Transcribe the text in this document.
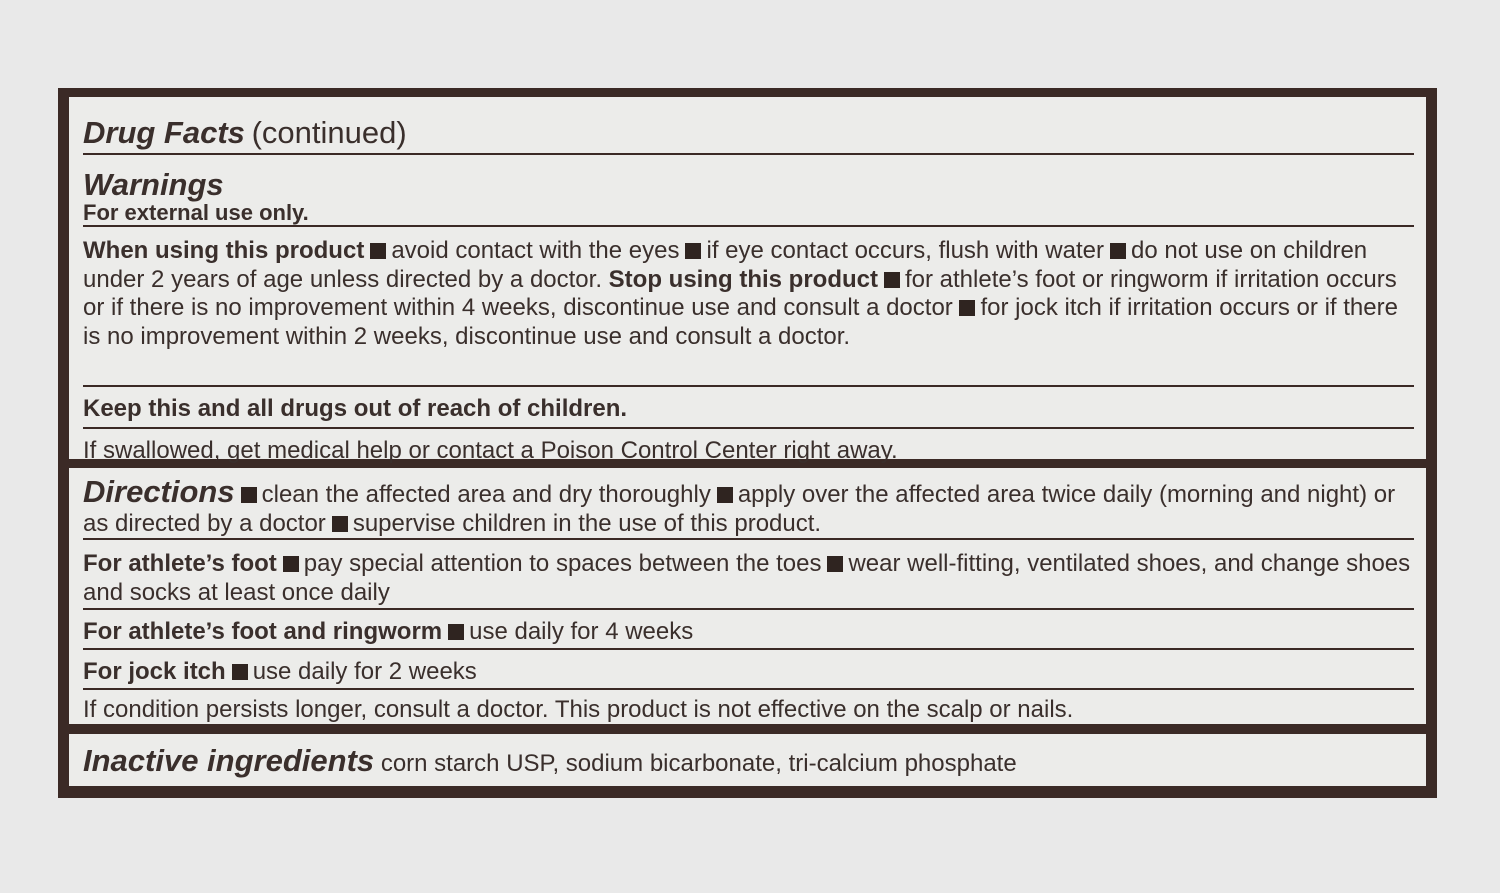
Drug Facts (continued)
Warnings
For external use only.
When using this product avoid contact with the eyes if eye contact occurs, flush with water do not use on children under 2 years of age unless directed by a doctor. Stop using this product for athlete’s foot or ringworm if irritation occurs or if there is no improvement within 4 weeks, discontinue use and consult a doctor for jock itch if irritation occurs or if there is no improvement within 2 weeks, discontinue use and consult a doctor.
Keep this and all drugs out of reach of children.
If swallowed, get medical help or contact a Poison Control Center right away.
Directions clean the affected area and dry thoroughly apply over the affected area twice daily (morning and night) or as directed by a doctor supervise children in the use of this product.
For athlete’s foot pay special attention to spaces between the toes wear well-fitting, ventilated shoes, and change shoes and socks at least once daily
For athlete’s foot and ringworm use daily for 4 weeks
For jock itch use daily for 2 weeks
If condition persists longer, consult a doctor. This product is not effective on the scalp or nails.
Inactive ingredients corn starch USP, sodium bicarbonate, tri-calcium phosphate
